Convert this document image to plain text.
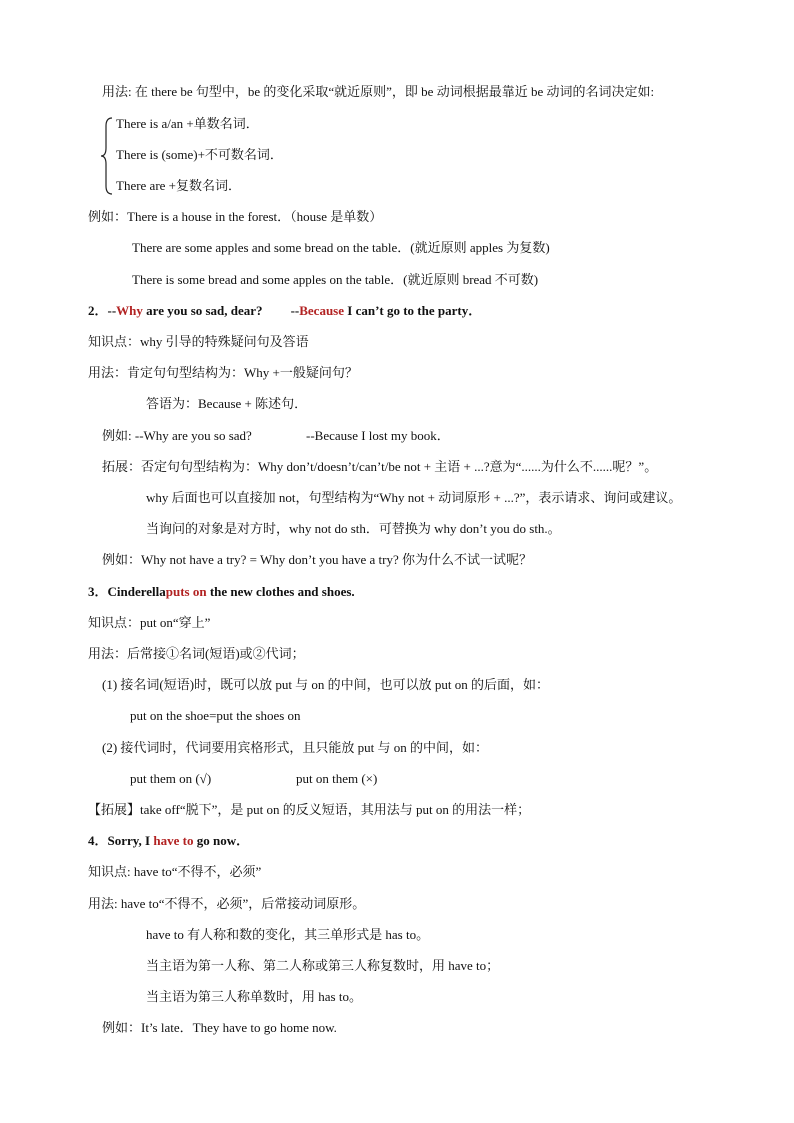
用法: 在 there be 句型中，be 的变化采取“就近原则”，即 be 动词根据最靠近 be 动词的名词决定如:
There is a/an +单数名词．
There is (some)+不可数名词．
There are +复数名词．
例如：There is a house in the forest．（house 是单数）
There are some apples and some bread on the table．(就近原则 apples 为复数)
There is some bread and some apples on the table．(就近原则 bread 不可数)
2．--Why are you so sad, dear? --Because I can’t go to the party．
知识点：why 引导的特殊疑问句及答语
用法：肯定句句型结构为：Why +一般疑问句？
答语为：Because + 陈述句．
例如: --Why are you so sad?	--Because I lost my book．
拓展：否定句句型结构为：Why don’t/doesn’t/can’t/be not + 主语 + ...?意为“......为什么不......呢？”。
why 后面也可以直接加 not，句型结构为“Why not + 动词原形 + ...?”，表示请求、询问或建议。
当询问的对象是对方时，why not do sth．可替换为 why don’t you do sth.。
例如：Why not have a try? = Why don’t you have a try? 你为什么不试一试呢？
3．Cinderellaputs on the new clothes and shoes.
知识点：put on“穿上”
用法：后常接①名词(短语)或②代词；
(1) 接名词(短语)时，既可以放 put 与 on 的中间，也可以放 put on 的后面，如：
put on the shoe=put the shoes on
(2) 接代词时，代词要用宾格形式，且只能放 put 与 on 的中间，如：
put them on (√)	put on them (×)
【拓展】take off“脱下”，是 put on 的反义短语，其用法与 put on 的用法一样；
4．Sorry, I have to go now．
知识点: have to“不得不，必须”
用法: have to“不得不，必须”，后常接动词原形。
have to 有人称和数的变化，其三单形式是 has to。
当主语为第一人称、第二人称或第三人称复数时，用 have to；
当主语为第三人称单数时，用 has to。
例如：It’s late．They have to go home now.
